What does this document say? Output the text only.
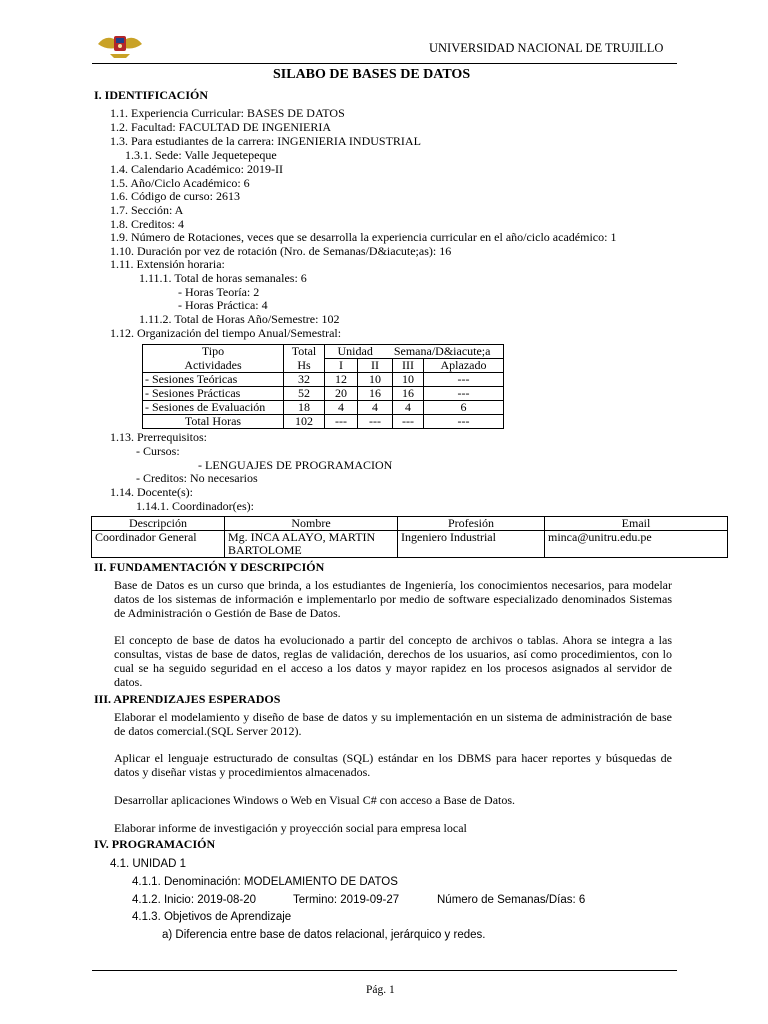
UNIVERSIDAD NACIONAL DE TRUJILLO
SILABO DE BASES DE DATOS
I. IDENTIFICACIÓN
1.1. Experiencia Curricular: BASES DE DATOS
1.2. Facultad: FACULTAD DE INGENIERIA
1.3. Para estudiantes de la carrera: INGENIERIA INDUSTRIAL
1.3.1. Sede: Valle Jequetepeque
1.4. Calendario Académico: 2019-II
1.5. Año/Ciclo Académico: 6
1.6. Código de curso: 2613
1.7. Sección: A
1.8. Creditos: 4
1.9. Número de Rotaciones, veces que se desarrolla la experiencia curricular en el año/ciclo académico: 1
1.10. Duración por vez de rotación (Nro. de Semanas/D&iacute;as): 16
1.11. Extensión horaria:
1.11.1. Total de horas semanales: 6
- Horas Teoría: 2
- Horas Práctica: 4
1.11.2. Total de Horas Año/Semestre: 102
1.12. Organización del tiempo Anual/Semestral:
Tipo	Total	Unidad Semana/D&iacute;a			
Actividades	Hs	I	II	III	Aplazado
- Sesiones Teóricas	32	12	10	10	---
- Sesiones Prácticas	52	20	16	16	---
- Sesiones de Evaluación	18	4	4	4	6
Total Horas	102	---	---	---	---
1.13. Prerrequisitos:
- Cursos:
- LENGUAJES DE PROGRAMACION
- Creditos: No necesarios
1.14. Docente(s):
1.14.1. Coordinador(es):
Descripción	Nombre	Profesión	Email
Coordinador General	Mg. INCA ALAYO, MARTIN
BARTOLOME	Ingeniero Industrial	minca@unitru.edu.pe
II. FUNDAMENTACIÓN Y DESCRIPCIÓN
Base de Datos es un curso que brinda, a los estudiantes de Ingeniería, los conocimientos necesarios, para modelar datos de los sistemas de información e implementarlo por medio de software especializado denominados Sistemas de Administración o Gestión de Base de Datos.
El concepto de base de datos ha evolucionado a partir del concepto de archivos o tablas. Ahora se integra a las consultas, vistas de base de datos, reglas de validación, derechos de los usuarios, así como procedimientos, con lo cual se ha seguido seguridad en el acceso a los datos y mayor rapidez en los procesos asignados al servidor de datos.
III. APRENDIZAJES ESPERADOS
Elaborar el modelamiento y diseño de base de datos y su implementación en un sistema de administración de base de datos comercial.(SQL Server 2012).
Aplicar el lenguaje estructurado de consultas (SQL) estándar en los DBMS para hacer reportes y búsquedas de datos y diseñar vistas y procedimientos almacenados.
Desarrollar aplicaciones Windows o Web en Visual C# con acceso a Base de Datos.
Elaborar informe de investigación y proyección social para empresa local
IV. PROGRAMACIÓN
4.1. UNIDAD 1
4.1.1. Denominación: MODELAMIENTO DE DATOS
4.1.2. Inicio: 2019-08-20	Termino: 2019-09-27	Número de Semanas/Días: 6
4.1.3. Objetivos de Aprendizaje
a) Diferencia entre base de datos relacional, jerárquico y redes.
Pág. 1
